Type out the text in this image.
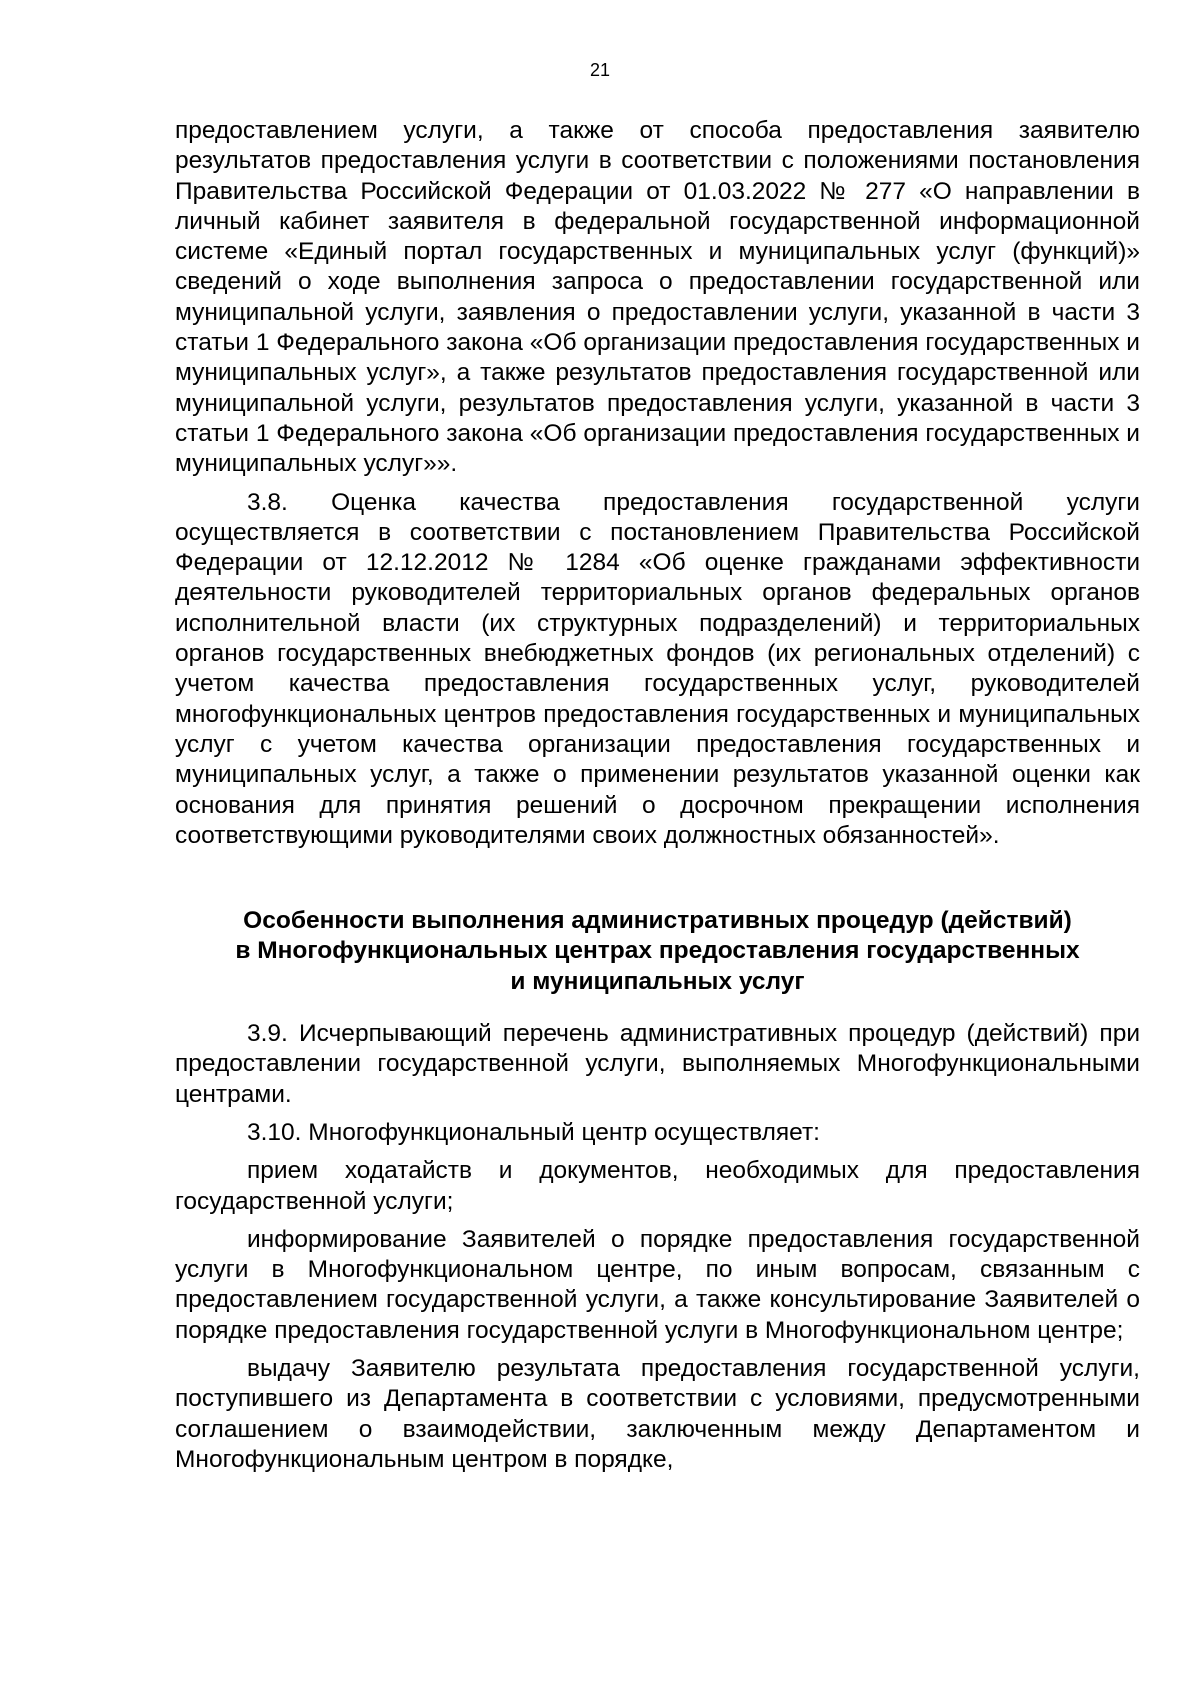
21

предоставлением услуги, а также от способа предоставления заявителю результатов предоставления услуги в соответствии с положениями постановления Правительства Российской Федерации от 01.03.2022 № 277 «О направлении в личный кабинет заявителя в федеральной государственной информационной системе «Единый портал государственных и муниципальных услуг (функций)» сведений о ходе выполнения запроса о предоставлении государственной или муниципальной услуги, заявления о предоставлении услуги, указанной в части 3 статьи 1 Федерального закона «Об организации предоставления государственных и муниципальных услуг», а также результатов предоставления государственной или муниципальной услуги, результатов предоставления услуги, указанной в части 3 статьи 1 Федерального закона «Об организации предоставления государственных и муниципальных услуг»».

3.8. Оценка качества предоставления государственной услуги осуществляется в соответствии с постановлением Правительства Российской Федерации от 12.12.2012 № 1284 «Об оценке гражданами эффективности деятельности руководителей территориальных органов федеральных органов исполнительной власти (их структурных подразделений) и территориальных органов государственных внебюджетных фондов (их региональных отделений) с учетом качества предоставления государственных услуг, руководителей многофункциональных центров предоставления государственных и муниципальных услуг с учетом качества организации предоставления государственных и муниципальных услуг, а также о применении результатов указанной оценки как основания для принятия решений о досрочном прекращении исполнения соответствующими руководителями своих должностных обязанностей».

Особенности выполнения административных процедур (действий)
в Многофункциональных центрах предоставления государственных
и муниципальных услуг

3.9. Исчерпывающий перечень административных процедур (действий) при предоставлении государственной услуги, выполняемых Многофункциональными центрами.

3.10. Многофункциональный центр осуществляет:

прием ходатайств и документов, необходимых для предоставления государственной услуги;

информирование Заявителей о порядке предоставления государственной услуги в Многофункциональном центре, по иным вопросам, связанным с предоставлением государственной услуги, а также консультирование Заявителей о порядке предоставления государственной услуги в Многофункциональном центре;

выдачу Заявителю результата предоставления государственной услуги, поступившего из Департамента в соответствии с условиями, предусмотренными соглашением о взаимодействии, заключенным между Департаментом и Многофункциональным центром в порядке,
